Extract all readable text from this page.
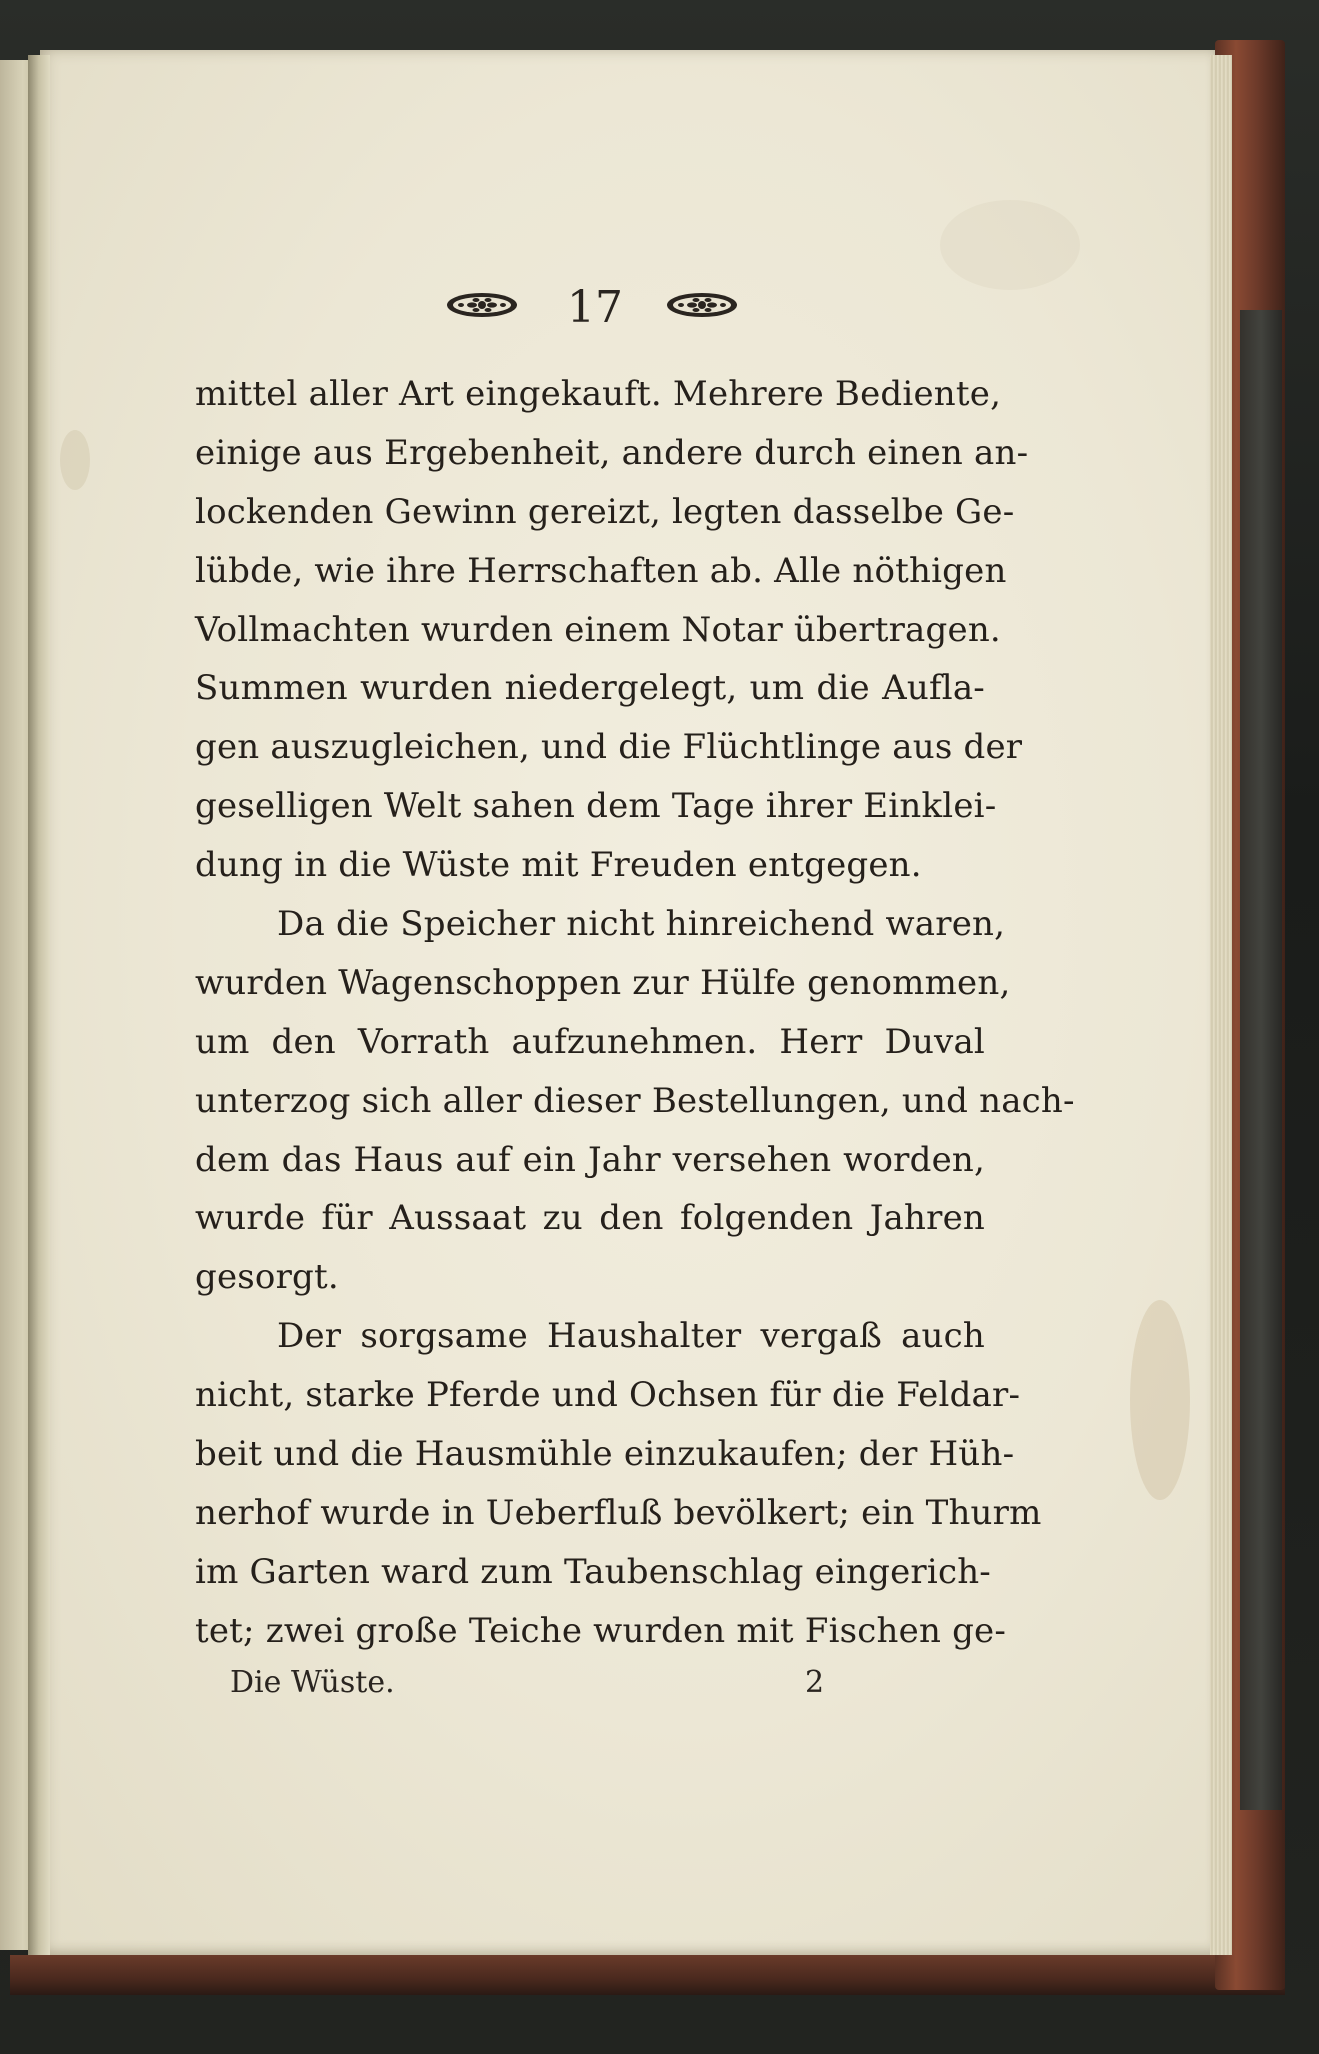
17
mittel aller Art eingekauft. Mehrere Bediente,
einige aus Ergebenheit, andere durch einen an-
lockenden Gewinn gereizt, legten dasselbe Ge-
lübde, wie ihre Herrschaften ab. Alle nöthigen
Vollmachten wurden einem Notar übertragen.
Summen wurden niedergelegt, um die Aufla-
gen auszugleichen, und die Flüchtlinge aus der
geselligen Welt sahen dem Tage ihrer Einklei-
dung in die Wüste mit Freuden entgegen.
Da die Speicher nicht hinreichend waren,
wurden Wagenschoppen zur Hülfe genommen,
um den Vorrath aufzunehmen. Herr Duval
unterzog sich aller dieser Bestellungen, und nach-
dem das Haus auf ein Jahr versehen worden,
wurde für Aussaat zu den folgenden Jahren
gesorgt.
Der sorgsame Haushalter vergaß auch
nicht, starke Pferde und Ochsen für die Feldar-
beit und die Hausmühle einzukaufen; der Hüh-
nerhof wurde in Ueberfluß bevölkert; ein Thurm
im Garten ward zum Taubenschlag eingerich-
tet; zwei große Teiche wurden mit Fischen ge-
Die Wüste.	2
